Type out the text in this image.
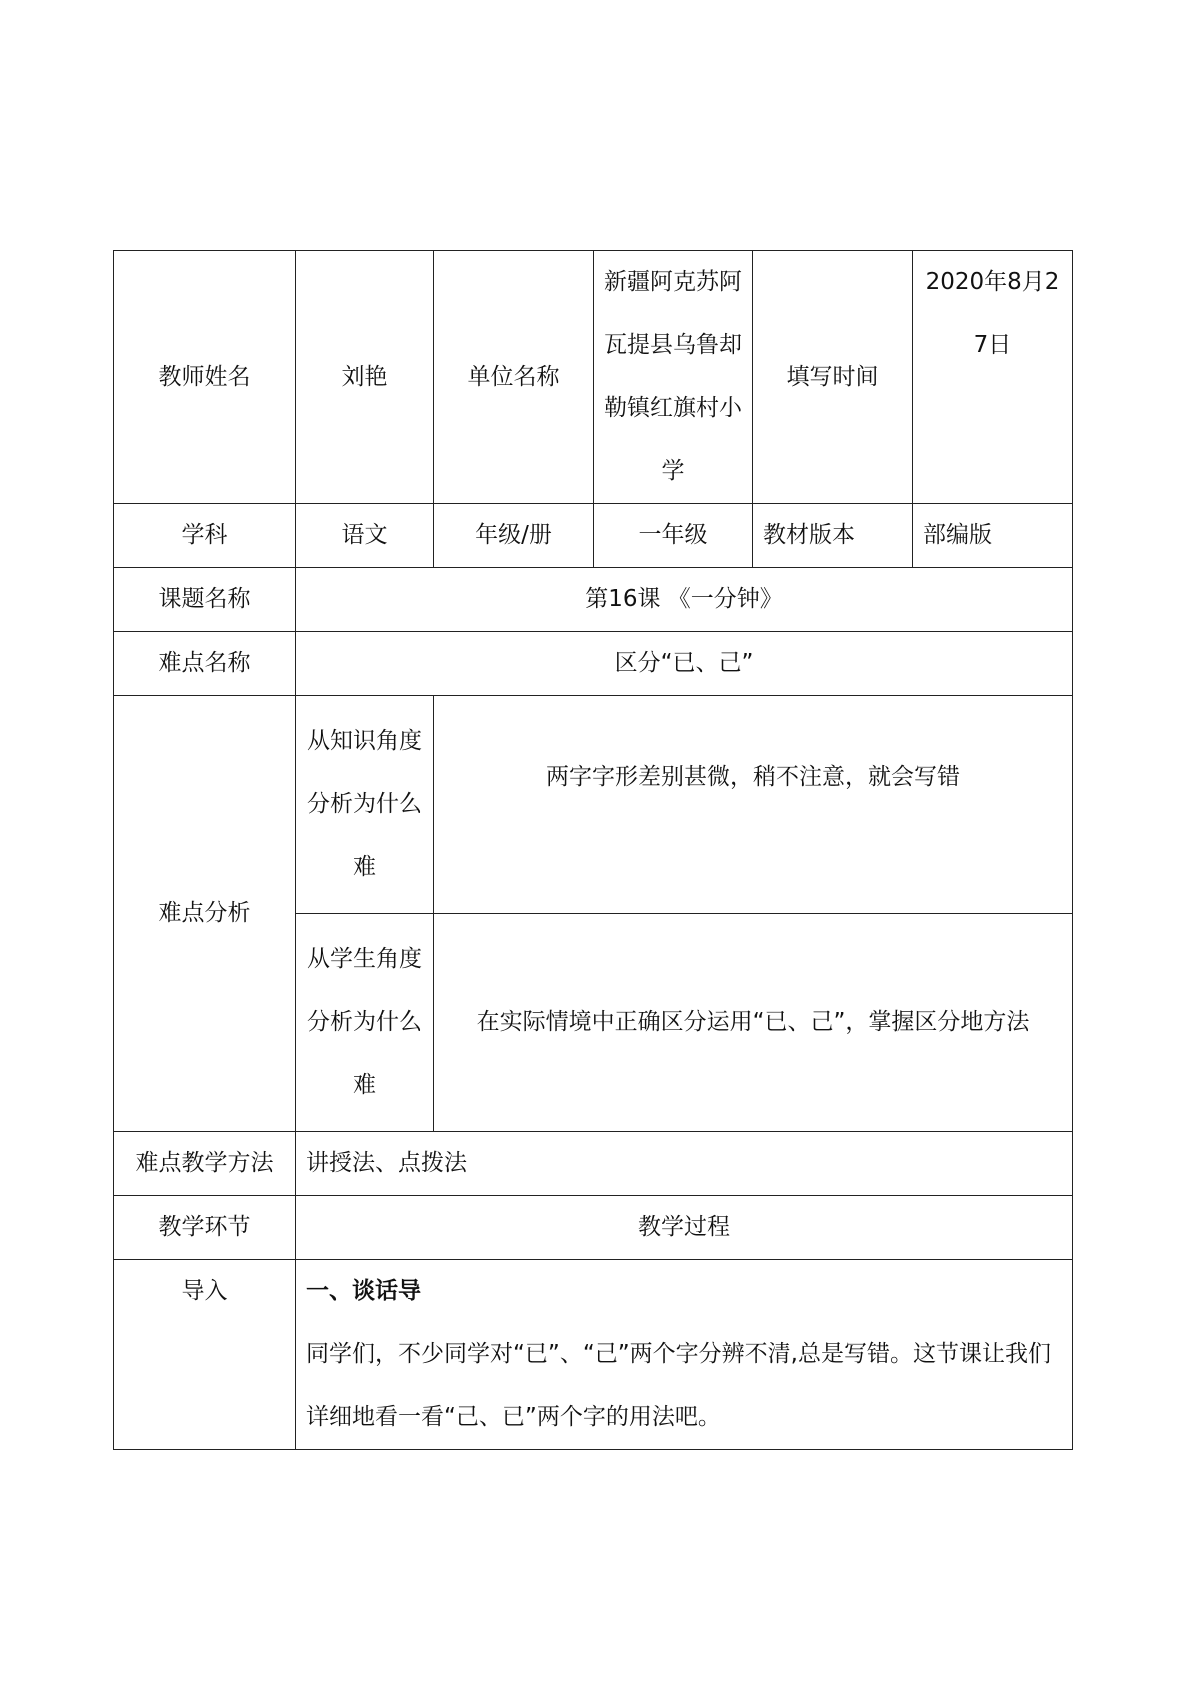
教师姓名	刘艳	单位名称	新疆阿克苏阿瓦提县乌鲁却勒镇红旗村小学	填写时间	2020年8月27日
学科	语文	年级/册	一年级	教材版本	部编版
课题名称	第16课 《一分钟》				
难点名称	区分“已、己”				
难点分析	从知识角度分析为什么难	两字字形差别甚微，稍不注意，就会写错			
	从学生角度分析为什么难	在实际情境中正确区分运用“已、己”，掌握区分地方法			
难点教学方法	讲授法、点拨法				
教学环节	教学过程				
导入	一、谈话导
同学们，不少同学对“已”、“己”两个字分辨不清,总是写错。这节课让我们详细地看一看“己、已”两个字的用法吧。				
